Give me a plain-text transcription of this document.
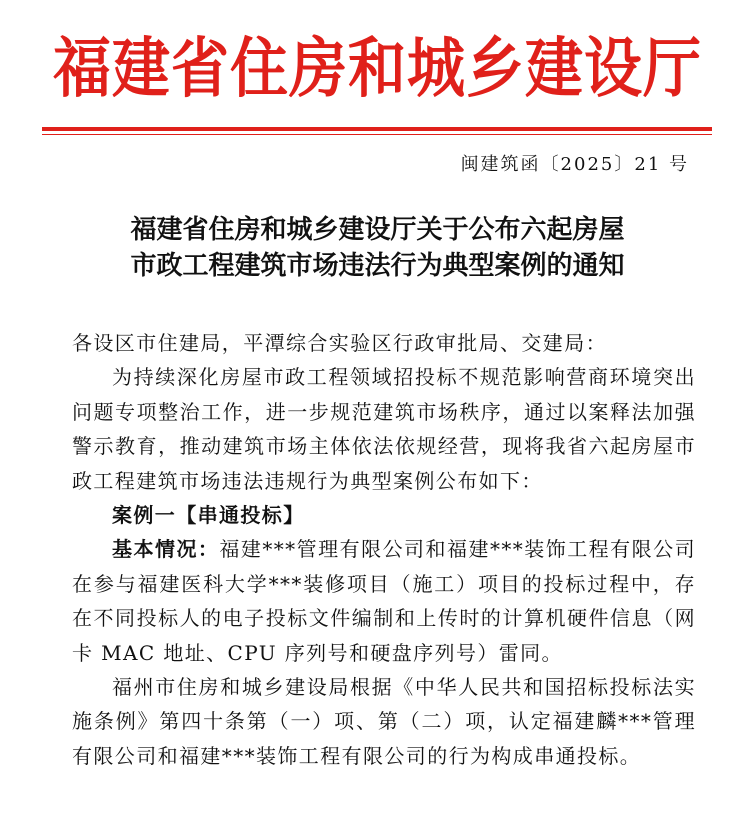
福建省住房和城乡建设厅
闽建筑函〔2025〕21 号
福建省住房和城乡建设厅关于公布六起房屋
市政工程建筑市场违法行为典型案例的通知

各设区市住建局，平潭综合实验区行政审批局、交建局：

为持续深化房屋市政工程领域招投标不规范影响营商环境突出问题专项整治工作，进一步规范建筑市场秩序，通过以案释法加强警示教育，推动建筑市场主体依法依规经营，现将我省六起房屋市政工程建筑市场违法违规行为典型案例公布如下：

案例一【串通投标】

基本情况：福建***管理有限公司和福建***装饰工程有限公司在参与福建医科大学***装修项目（施工）项目的投标过程中，存在不同投标人的电子投标文件编制和上传时的计算机硬件信息（网卡 MAC 地址、CPU 序列号和硬盘序列号）雷同。

福州市住房和城乡建设局根据《中华人民共和国招标投标法实施条例》第四十条第（一）项、第（二）项，认定福建麟***管理有限公司和福建***装饰工程有限公司的行为构成串通投标。
